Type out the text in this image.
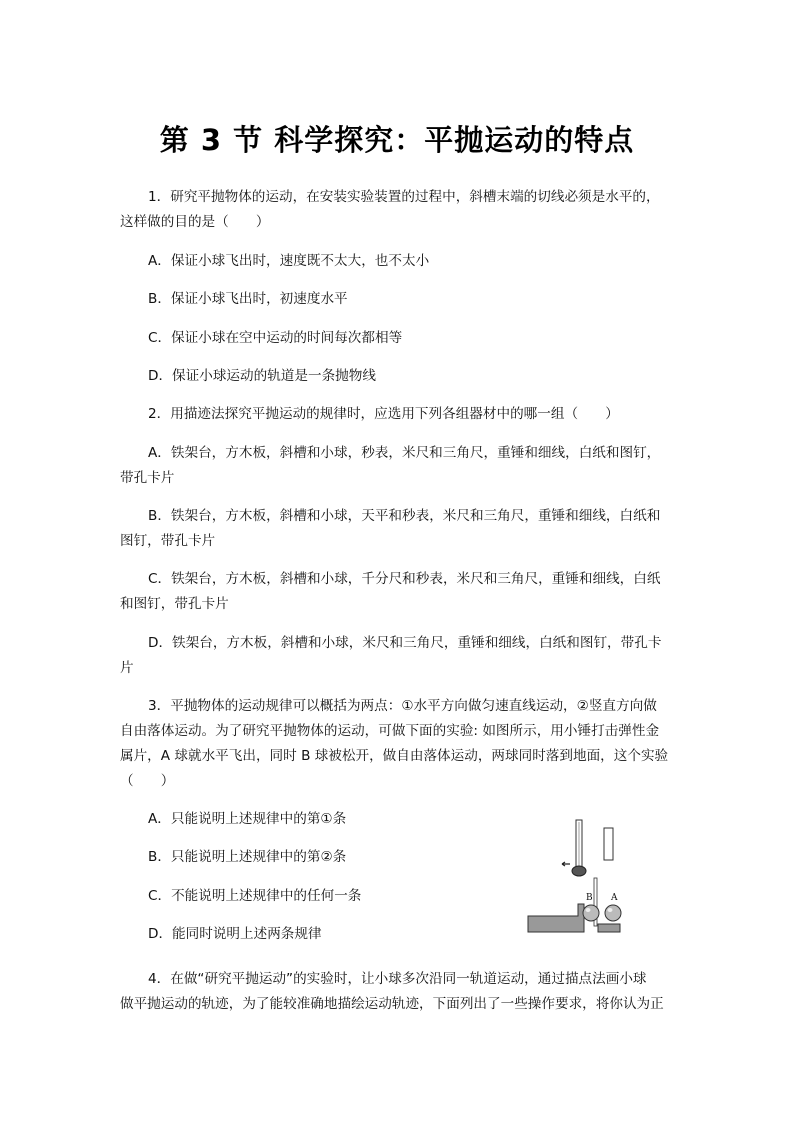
第 3 节 科学探究：平抛运动的特点
1．研究平抛物体的运动，在安装实验装置的过程中，斜槽末端的切线必须是水平的，
这样做的目的是（　　）
A．保证小球飞出时，速度既不太大，也不太小
B．保证小球飞出时，初速度水平
C．保证小球在空中运动的时间每次都相等
D．保证小球运动的轨道是一条抛物线
2．用描迹法探究平抛运动的规律时，应选用下列各组器材中的哪一组（　　）
A．铁架台，方木板，斜槽和小球，秒表，米尺和三角尺，重锤和细线，白纸和图钉，
带孔卡片
B．铁架台，方木板，斜槽和小球，天平和秒表，米尺和三角尺，重锤和细线，白纸和
图钉，带孔卡片
C．铁架台，方木板，斜槽和小球，千分尺和秒表，米尺和三角尺，重锤和细线，白纸
和图钉，带孔卡片
D．铁架台，方木板，斜槽和小球，米尺和三角尺，重锤和细线，白纸和图钉，带孔卡
片
3．平抛物体的运动规律可以概括为两点：①水平方向做匀速直线运动，②竖直方向做
自由落体运动。为了研究平抛物体的运动，可做下面的实验: 如图所示，用小锤打击弹性金
属片，A 球就水平飞出，同时 B 球被松开，做自由落体运动，两球同时落到地面，这个实验
（　　）
A．只能说明上述规律中的第①条
B．只能说明上述规律中的第②条
C．不能说明上述规律中的任何一条
D．能同时说明上述两条规律
B A
4．在做“研究平抛运动”的实验时，让小球多次沿同一轨道运动，通过描点法画小球
做平抛运动的轨迹，为了能较准确地描绘运动轨迹，下面列出了一些操作要求，将你认为正
